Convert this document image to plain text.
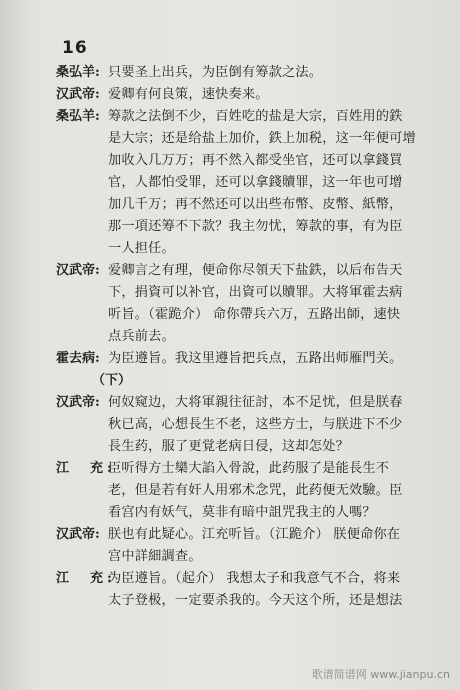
16
桑弘羊: 只要圣上出兵，为臣倒有筹款之法。
汉武帝: 爱卿有何良策，速快奏来。
桑弘羊: 筹款之法倒不少，百姓吃的盐是大宗，百姓用的鉄
是大宗；还是给盐上加价，鉄上加税，这一年便可增
加收入几万万；再不然入都受坐官，还可以拿錢買
官，人都怕受罪，还可以拿錢贖罪，这一年也可增
加几千万；再不然还可以出些布幣、皮幣、紙幣，
那一項还筹不下款？我主勿忧，筹款的事，有为臣
一人担任。
汉武帝: 爱卿言之有理，便命你尽領天下盐鉄，以后布告天
下，捐資可以补官，出資可以贖罪。大将軍霍去病
听旨。（霍跪介） 命你帶兵六万，五路出師，速快
点兵前去。
霍去病: 为臣遵旨。我这里遵旨把兵点，五路出师雁門关。
（下）
汉武帝: 何奴窥边，大将軍親往征討，本不足忧，但是朕春
秋已高，心想長生不老，这些方士，与朕进下不少
長生药，服了更覚老病日侵，这却怎处？
江　充:
臣听得方士欒大諂入骨說，此药服了是能長生不
老，但是若有奸人用邪术念咒，此药便无效驗。臣
看宫内有妖气，莫非有暗中詛咒我主的人嗎？
汉武帝: 朕也有此疑心。江充听旨。（江跪介） 朕便命你在
宫中詳細調查。
江　充:
为臣遵旨。（起介） 我想太子和我意气不合，将来
太子登极，一定要杀我的。今天这个所，还是想法
歌谱简谱网 www.jianpu.cn
